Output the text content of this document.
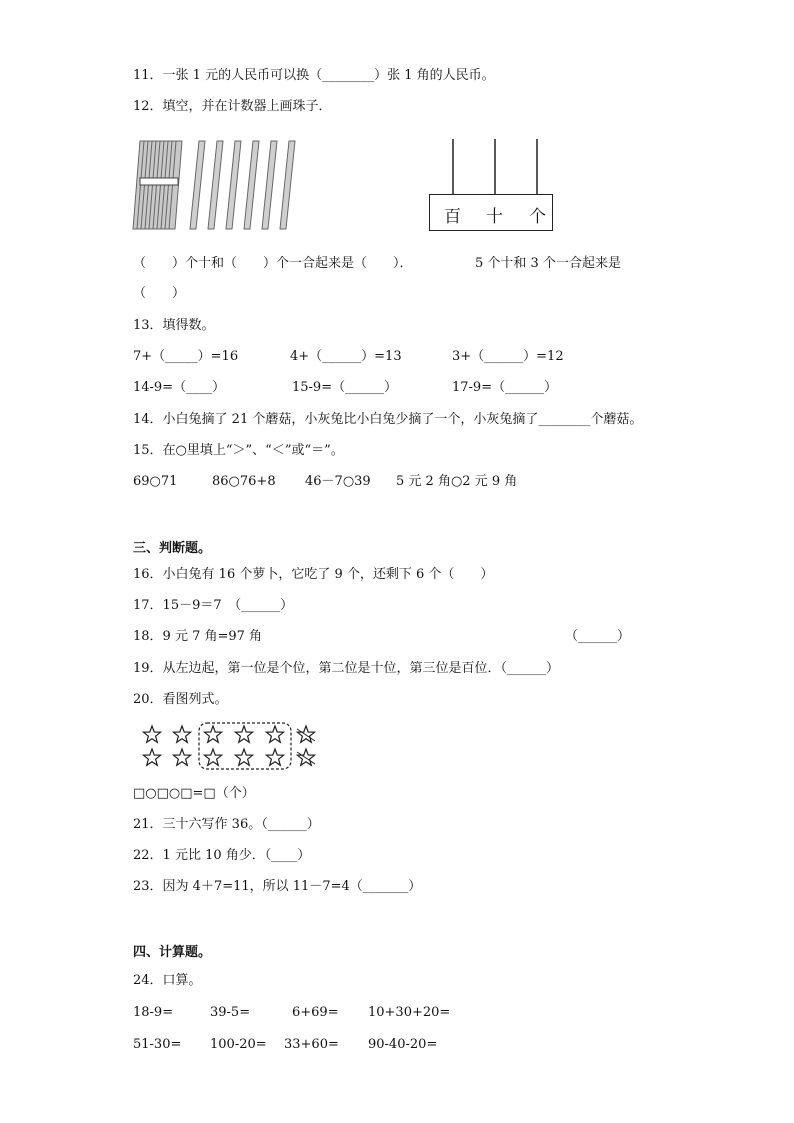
11．一张 1 元的人民币可以换（________）张 1 角的人民币。
12．填空，并在计数器上画珠子．
百 十 个
（　　）个十和（　　）个一合起来是（　　）．	5 个十和 3 个一合起来是
（　　）
13．填得数。
7+（_____）=16	4+（______）=13	3+（______）=12
14-9=（____）	15-9=（______）	17-9=（______）
14．小白兔摘了 21 个蘑菇，小灰兔比小白兔少摘了一个，小灰兔摘了________个蘑菇。
15．在○里填上“＞”、“＜”或“＝”。
69○71	86○76+8 46－7○39 5 元 2 角○2 元 9 角
三、判断题。
16．小白兔有 16 个萝卜，它吃了 9 个，还剩下 6 个（　　）
17．15－9＝7　（______）
18．9 元 7 角=97 角	（______）
19．从左边起，第一位是个位，第二位是十位，第三位是百位．（______）
20．看图列式。
□○□○□=□（个）
21．三十六写作 36。（______）
22．1 元比 10 角少．（____）
23．因为 4＋7=11，所以 11－7=4（_______）
四、计算题。
24．口算。
18-9=	39-5=	6+69= 10+30+20=
51-30= 100-20= 33+60= 90-40-20=
